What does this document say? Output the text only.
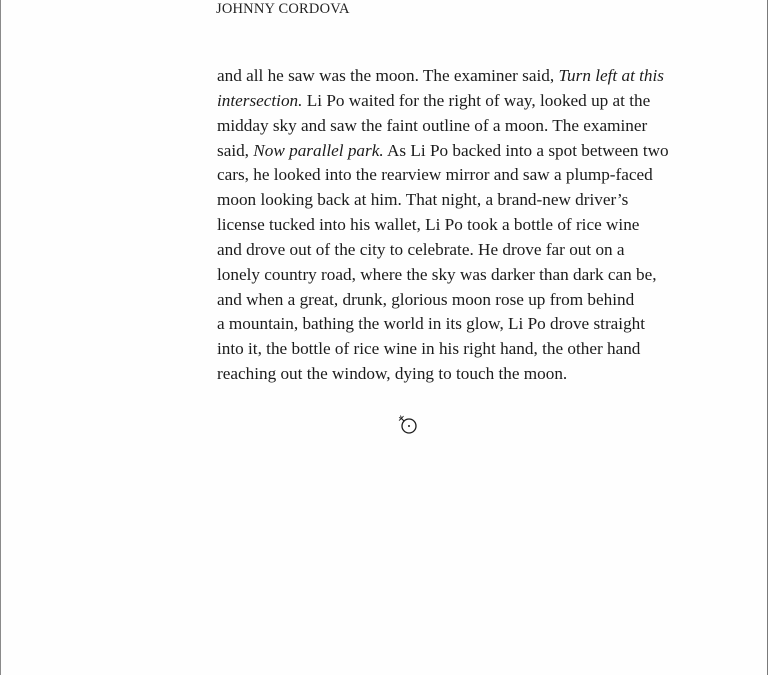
JOHNNY CORDOVA
and all he saw was the moon. The examiner said, Turn left at this
intersection. Li Po waited for the right of way, looked up at the
midday sky and saw the faint outline of a moon. The examiner
said, Now parallel park. As Li Po backed into a spot between two
cars, he looked into the rearview mirror and saw a plump-faced
moon looking back at him. That night, a brand-new driver’s
license tucked into his wallet, Li Po took a bottle of rice wine
and drove out of the city to celebrate. He drove far out on a
lonely country road, where the sky was darker than dark can be,
and when a great, drunk, glorious moon rose up from behind
a mountain, bathing the world in its glow, Li Po drove straight
into it, the bottle of rice wine in his right hand, the other hand
reaching out the window, dying to touch the moon.
